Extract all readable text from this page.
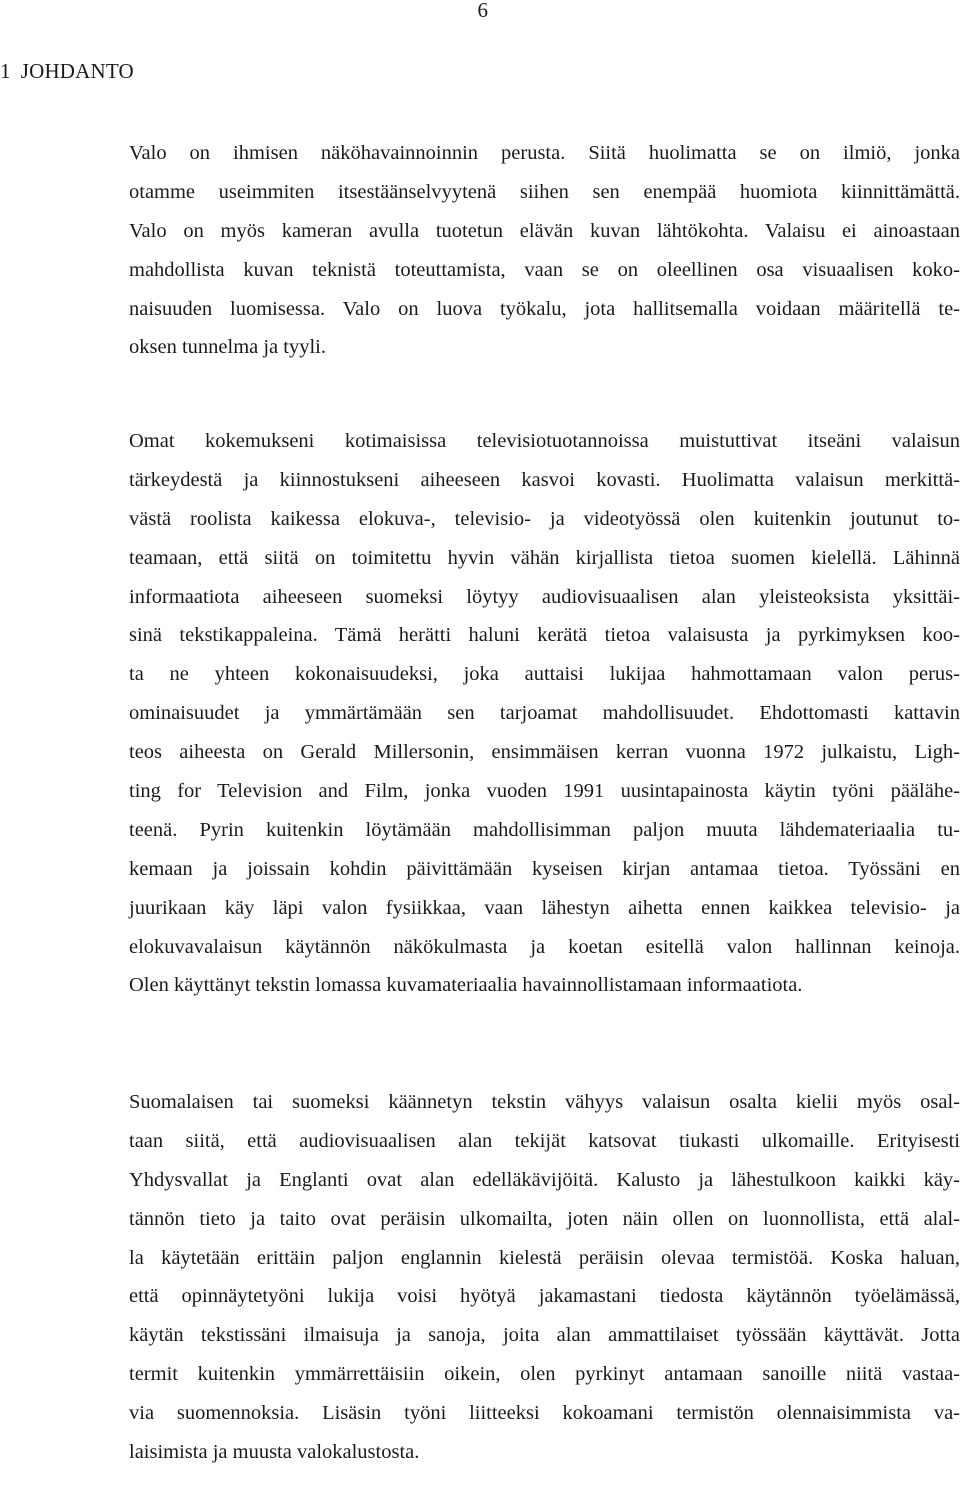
6
1 JOHDANTO
Valo on ihmisen näköhavainnoinnin perusta. Siitä huolimatta se on ilmiö, jonka
otamme useimmiten itsestäänselvyytenä siihen sen enempää huomiota kiinnittämättä.
Valo on myös kameran avulla tuotetun elävän kuvan lähtökohta. Valaisu ei ainoastaan
mahdollista kuvan teknistä toteuttamista, vaan se on oleellinen osa visuaalisen koko-
naisuuden luomisessa. Valo on luova työkalu, jota hallitsemalla voidaan määritellä te-
oksen tunnelma ja tyyli.
Omat kokemukseni kotimaisissa televisiotuotannoissa muistuttivat itseäni valaisun
tärkeydestä ja kiinnostukseni aiheeseen kasvoi kovasti. Huolimatta valaisun merkittä-
västä roolista kaikessa elokuva-, televisio- ja videotyössä olen kuitenkin joutunut to-
teamaan, että siitä on toimitettu hyvin vähän kirjallista tietoa suomen kielellä. Lähinnä
informaatiota aiheeseen suomeksi löytyy audiovisuaalisen alan yleisteoksista yksittäi-
sinä tekstikappaleina. Tämä herätti haluni kerätä tietoa valaisusta ja pyrkimyksen koo-
ta ne yhteen kokonaisuudeksi, joka auttaisi lukijaa hahmottamaan valon perus-
ominaisuudet ja ymmärtämään sen tarjoamat mahdollisuudet. Ehdottomasti kattavin
teos aiheesta on Gerald Millersonin, ensimmäisen kerran vuonna 1972 julkaistu, Ligh-
ting for Television and Film, jonka vuoden 1991 uusintapainosta käytin työni päälähe-
teenä. Pyrin kuitenkin löytämään mahdollisimman paljon muuta lähdemateriaalia tu-
kemaan ja joissain kohdin päivittämään kyseisen kirjan antamaa tietoa. Työssäni en
juurikaan käy läpi valon fysiikkaa, vaan lähestyn aihetta ennen kaikkea televisio- ja
elokuvavalaisun käytännön näkökulmasta ja koetan esitellä valon hallinnan keinoja.
Olen käyttänyt tekstin lomassa kuvamateriaalia havainnollistamaan informaatiota.
Suomalaisen tai suomeksi käännetyn tekstin vähyys valaisun osalta kielii myös osal-
taan siitä, että audiovisuaalisen alan tekijät katsovat tiukasti ulkomaille. Erityisesti
Yhdysvallat ja Englanti ovat alan edelläkävijöitä. Kalusto ja lähestulkoon kaikki käy-
tännön tieto ja taito ovat peräisin ulkomailta, joten näin ollen on luonnollista, että alal-
la käytetään erittäin paljon englannin kielestä peräisin olevaa termistöä. Koska haluan,
että opinnäytetyöni lukija voisi hyötyä jakamastani tiedosta käytännön työelämässä,
käytän tekstissäni ilmaisuja ja sanoja, joita alan ammattilaiset työssään käyttävät. Jotta
termit kuitenkin ymmärrettäisiin oikein, olen pyrkinyt antamaan sanoille niitä vastaa-
via suomennoksia. Lisäsin työni liitteeksi kokoamani termistön olennaisimmista va-
laisimista ja muusta valokalustosta.
